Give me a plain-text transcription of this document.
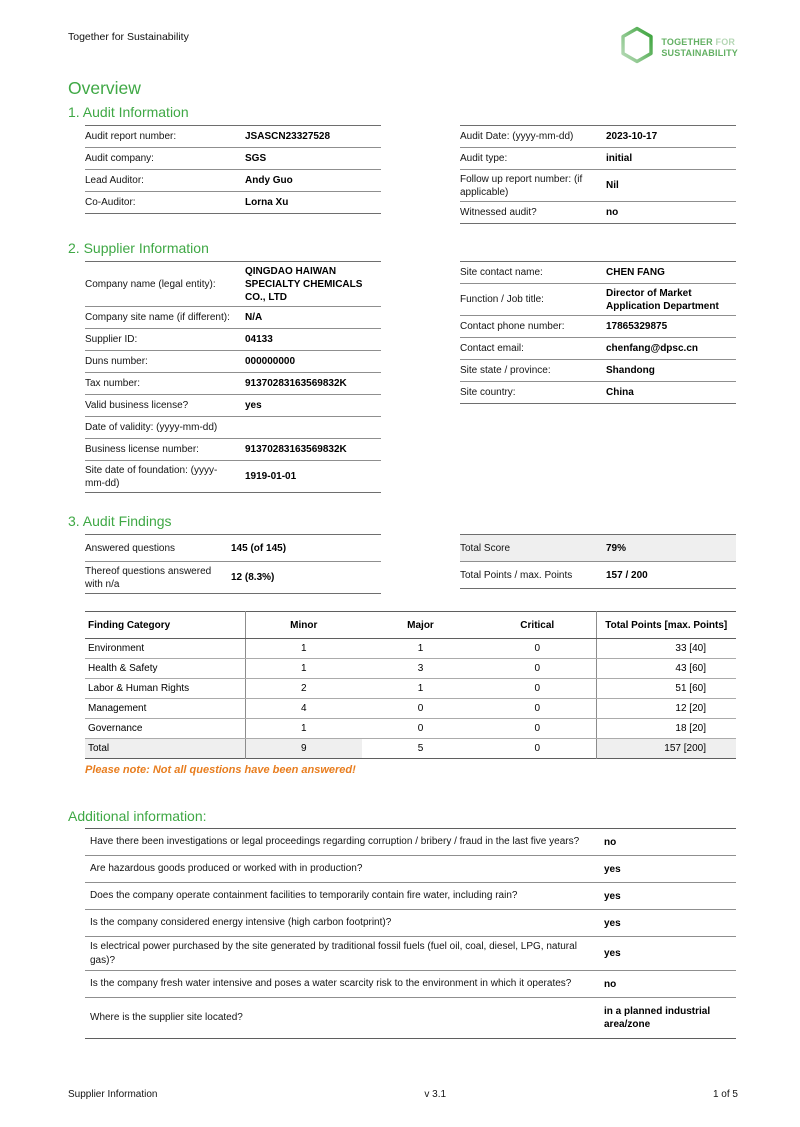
Together for Sustainability	TOGETHER FOR
SUSTAINABILITY
Overview
1. Audit Information
Audit report number:	JSASCN23327528
Audit company:	SGS
Lead Auditor:	Andy Guo
Co-Auditor:	Lorna Xu
Audit Date: (yyyy-mm-dd)	2023-10-17
Audit type:	initial
Follow up report number: (if applicable)
Nil
Witnessed audit?	no
2. Supplier Information
Company name (legal entity):
QINGDAO HAIWAN SPECIALTY CHEMICALS CO., LTD
Company site name (if different):	N/A
Supplier ID:	04133
Duns number:	000000000
Tax number:	91370283163569832K
Valid business license?	yes
Date of validity: (yyyy-mm-dd)
Business license number:	91370283163569832K
Site date of foundation: (yyyy-mm-dd)
1919-01-01
Site contact name:	CHEN FANG
Function / Job title:
Director of Market Application Department
Contact phone number:	17865329875
Contact email:	chenfang@dpsc.cn
Site state / province:	Shandong
Site country:	China
3. Audit Findings
Answered questions	145 (of 145)
Thereof questions answered with n/a
12 (8.3%)
Total Score	79%
Total Points / max. Points	157 / 200
Finding Category	Minor	Major	Critical	Total Points [max. Points]
Environment	1	1	0	33 [40]
Health & Safety	1	3	0	43 [60]
Labor & Human Rights	2	1	0	51 [60]
Management	4	0	0	12 [20]
Governance	1	0	0	18 [20]
Total	9	5	0	157 [200]
Please note: Not all questions have been answered!
Additional information:
Have there been investigations or legal proceedings regarding corruption / bribery / fraud in the last five years?	no
Are hazardous goods produced or worked with in production?	yes
Does the company operate containment facilities to temporarily contain fire water, including rain?	yes
Is the company considered energy intensive (high carbon footprint)?	yes
Is electrical power purchased by the site generated by traditional fossil fuels (fuel oil, coal, diesel, LPG, natural gas)?
yes
Is the company fresh water intensive and poses a water scarcity risk to the environment in which it operates?	no
Where is the supplier site located?
in a planned industrial area/zone
Supplier Information	v 3.1	1 of 5
